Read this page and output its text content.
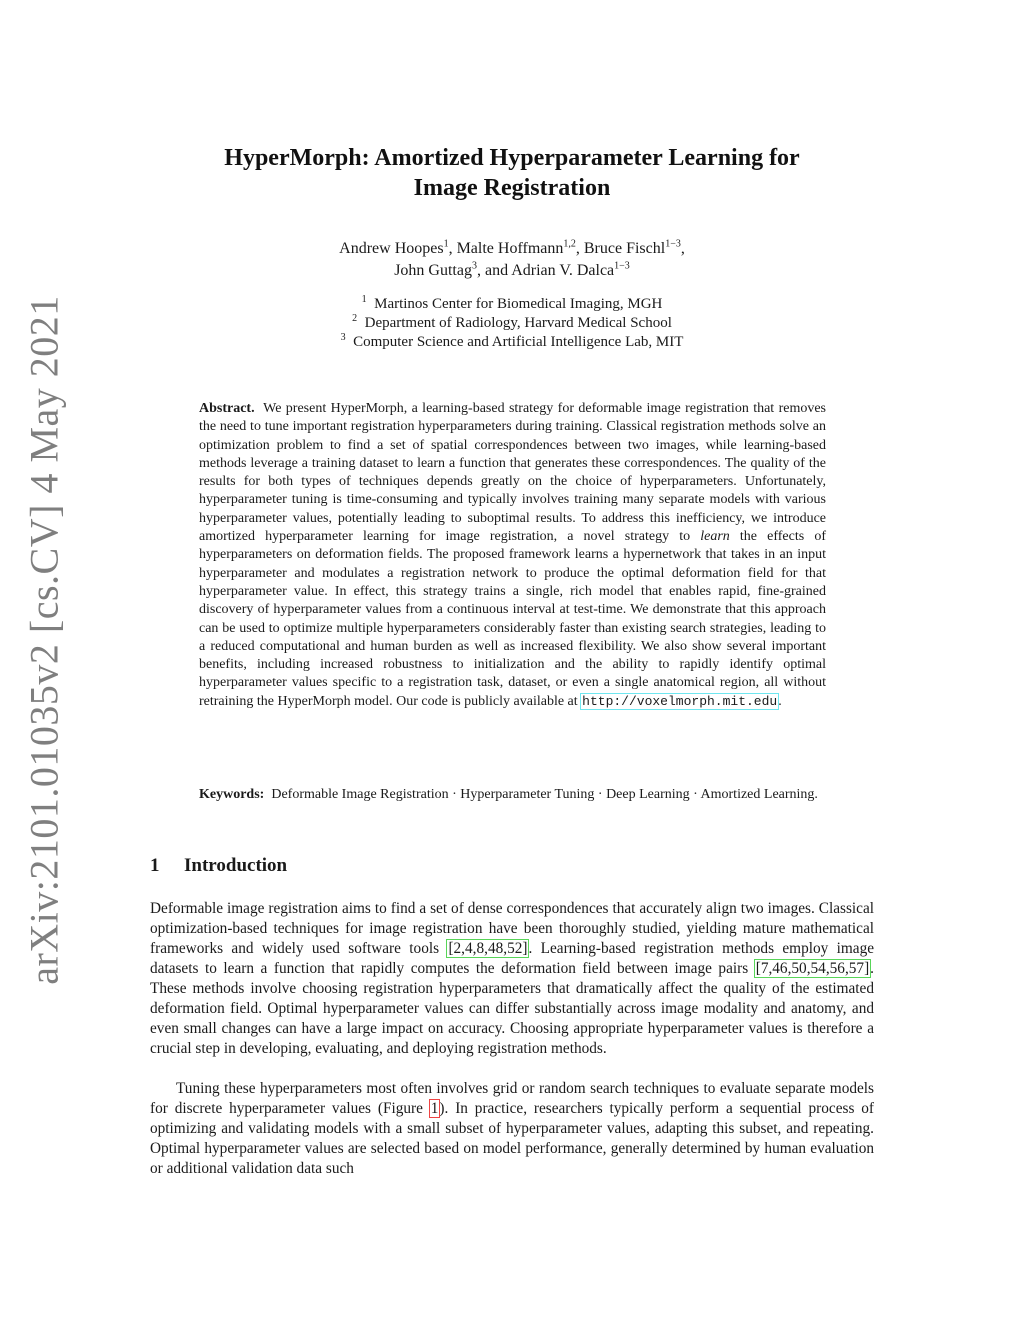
arXiv:2101.01035v2 [cs.CV] 4 May 2021
HyperMorph: Amortized Hyperparameter Learning for
Image Registration
Andrew Hoopes$^1$, Malte Hoffmann$^{1,2}$, Bruce Fischl$^{1-3}$,
John Guttag$^3$, and Adrian V. Dalca$^{1-3}$
$^1$ Martinos Center for Biomedical Imaging, MGH
$^2$ Department of Radiology, Harvard Medical School
$^3$ Computer Science and Artificial Intelligence Lab, MIT
Abstract. We present HyperMorph, a learning-based strategy for deformable image registration that removes the need to tune important registration hyperparameters during training. Classical registration methods solve an optimization problem to find a set of spatial correspondences between two images, while learning-based methods leverage a training dataset to learn a function that generates these correspondences. The quality of the results for both types of techniques depends greatly on the choice of hyperparameters. Unfortunately, hyperparameter tuning is time-consuming and typically involves training many separate models with various hyperparameter values, potentially leading to suboptimal results. To address this inefficiency, we introduce amortized hyperparameter learning for image registration, a novel strategy to learn the effects of hyperparameters on deformation fields. The proposed framework learns a hypernetwork that takes in an input hyperparameter and modulates a registration network to produce the optimal deformation field for that hyperparameter value. In effect, this strategy trains a single, rich model that enables rapid, fine-grained discovery of hyperparameter values from a continuous interval at test-time. We demonstrate that this approach can be used to optimize multiple hyperparameters considerably faster than existing search strategies, leading to a reduced computational and human burden as well as increased flexibility. We also show several important benefits, including increased robustness to initialization and the ability to rapidly identify optimal hyperparameter values specific to a registration task, dataset, or even a single anatomical region, all without retraining the HyperMorph model. Our code is publicly available at http://voxelmorph.mit.edu.
Keywords: Deformable Image Registration · Hyperparameter Tuning · Deep Learning · Amortized Learning.
1 Introduction

Deformable image registration aims to find a set of dense correspondences that accurately align two images. Classical optimization-based techniques for image registration have been thoroughly studied, yielding mature mathematical frameworks and widely used software tools [2,4,8,48,52]. Learning-based registration methods employ image datasets to learn a function that rapidly computes the deformation field between image pairs [7,46,50,54,56,57]. These methods involve choosing registration hyperparameters that dramatically affect the quality of the estimated deformation field. Optimal hyperparameter values can differ substantially across image modality and anatomy, and even small changes can have a large impact on accuracy. Choosing appropriate hyperparameter values is therefore a crucial step in developing, evaluating, and deploying registration methods.

Tuning these hyperparameters most often involves grid or random search techniques to evaluate separate models for discrete hyperparameter values (Figure 1). In practice, researchers typically perform a sequential process of optimizing and validating models with a small subset of hyperparameter values, adapting this subset, and repeating. Optimal hyperparameter values are selected based on model performance, generally determined by human evaluation or additional validation data such
